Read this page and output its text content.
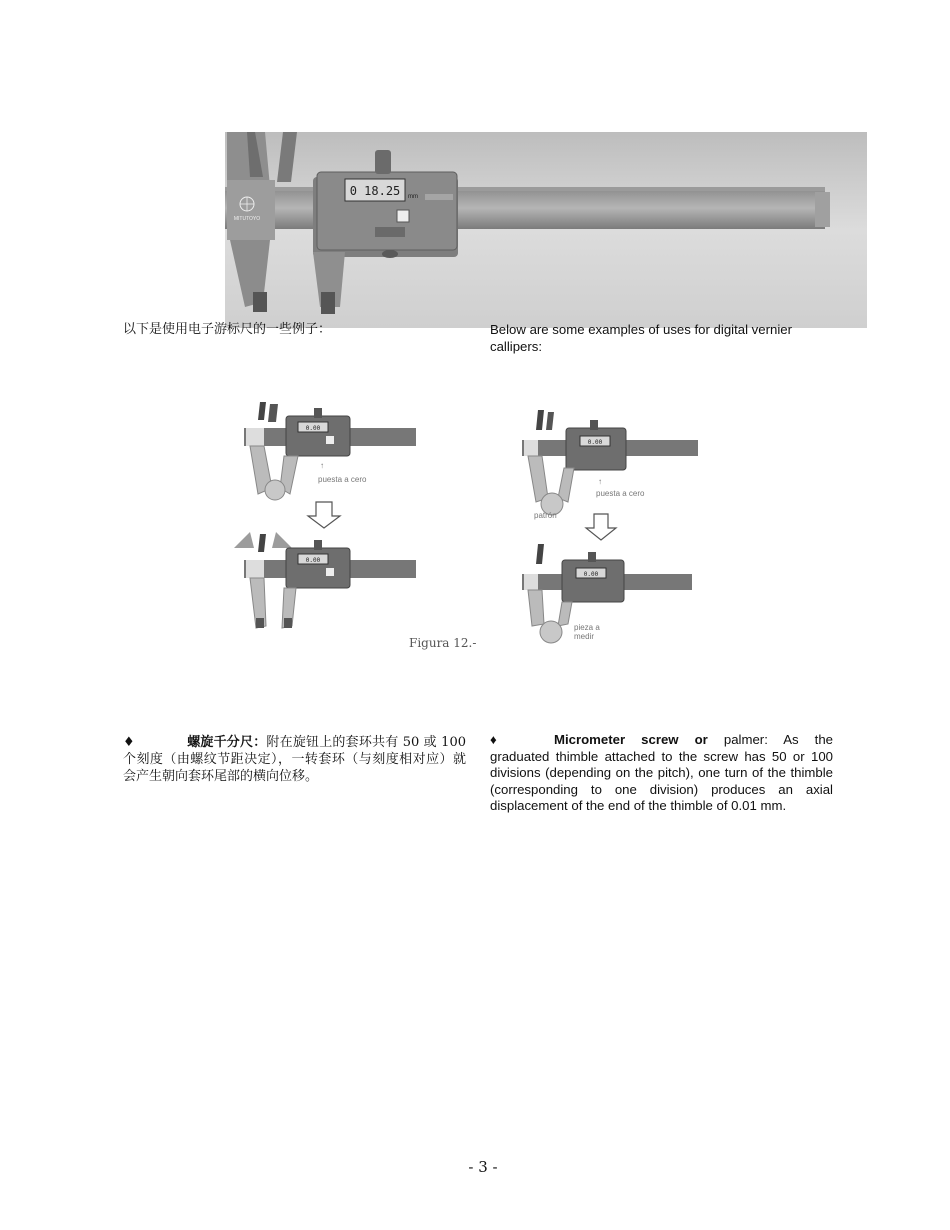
MITUTOYO
0 18.25 mm
以下是使用电子游标尺的一些例子：	Below are some examples of uses for digital vernier callipers:
0.00
↑
puesta a cero
0.00
Figura 12.-
0.00
↑
puesta a cero
patrón
0.00
pieza a medir
♦	螺旋千分尺：附在旋钮上的套环共有 50 或 100 个刻度（由螺纹节距决定），一转套环（与刻度相对应）就会产生朝向套环尾部的横向位移。
♦	Micrometer screw or palmer: As the graduated thimble attached to the screw has 50 or 100 divisions (depending on the pitch), one turn of the thimble (corresponding to one division) produces an axial displacement of the end of the thimble of 0.01 mm.
- 3 -
